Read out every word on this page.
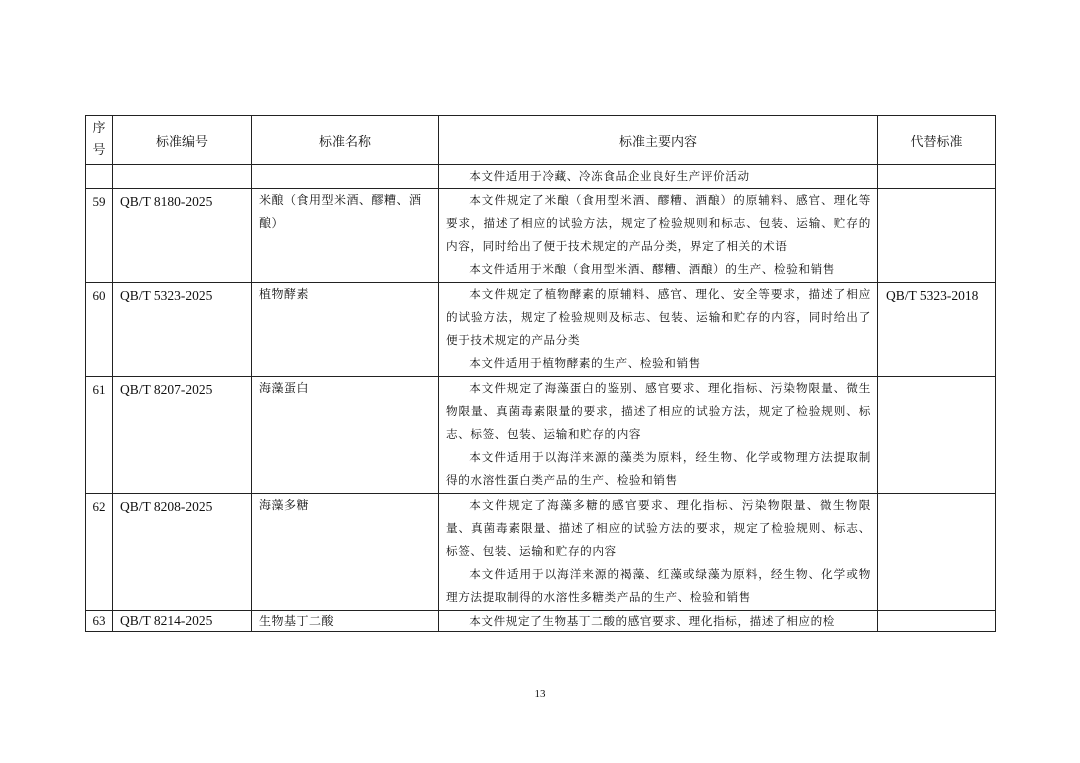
序
号	标准编号	标准名称	标准主要内容	代替标准

			本文件适用于冷藏、冷冻食品企业良好生产评价活动	

59	QB/T 8180-2025	米酿（食用型米酒、醪糟、酒酿）	本文件规定了米酿（食用型米酒、醪糟、酒酿）的原辅料、感官、理化等要求，描述了相应的试验方法，规定了检验规则和标志、包装、运输、贮存的内容，同时给出了便于技术规定的产品分类，界定了相关的术语

本文件适用于米酿（食用型米酒、醪糟、酒酿）的生产、检验和销售	

60	QB/T 5323-2025	植物酵素	本文件规定了植物酵素的原辅料、感官、理化、安全等要求，描述了相应的试验方法，规定了检验规则及标志、包装、运输和贮存的内容，同时给出了便于技术规定的产品分类

本文件适用于植物酵素的生产、检验和销售	QB/T 5323-2018
61	QB/T 8207-2025	海藻蛋白	本文件规定了海藻蛋白的鉴别、感官要求、理化指标、污染物限量、微生物限量、真菌毒素限量的要求，描述了相应的试验方法，规定了检验规则、标志、标签、包装、运输和贮存的内容

本文件适用于以海洋来源的藻类为原料，经生物、化学或物理方法提取制得的水溶性蛋白类产品的生产、检验和销售	

62	QB/T 8208-2025	海藻多糖	本文件规定了海藻多糖的感官要求、理化指标、污染物限量、微生物限量、真菌毒素限量、描述了相应的试验方法的要求，规定了检验规则、标志、标签、包装、运输和贮存的内容

本文件适用于以海洋来源的褐藻、红藻或绿藻为原料，经生物、化学或物理方法提取制得的水溶性多糖类产品的生产、检验和销售	

63	QB/T 8214-2025	生物基丁二酸	本文件规定了生物基丁二酸的感官要求、理化指标，描述了相应的检	

13
